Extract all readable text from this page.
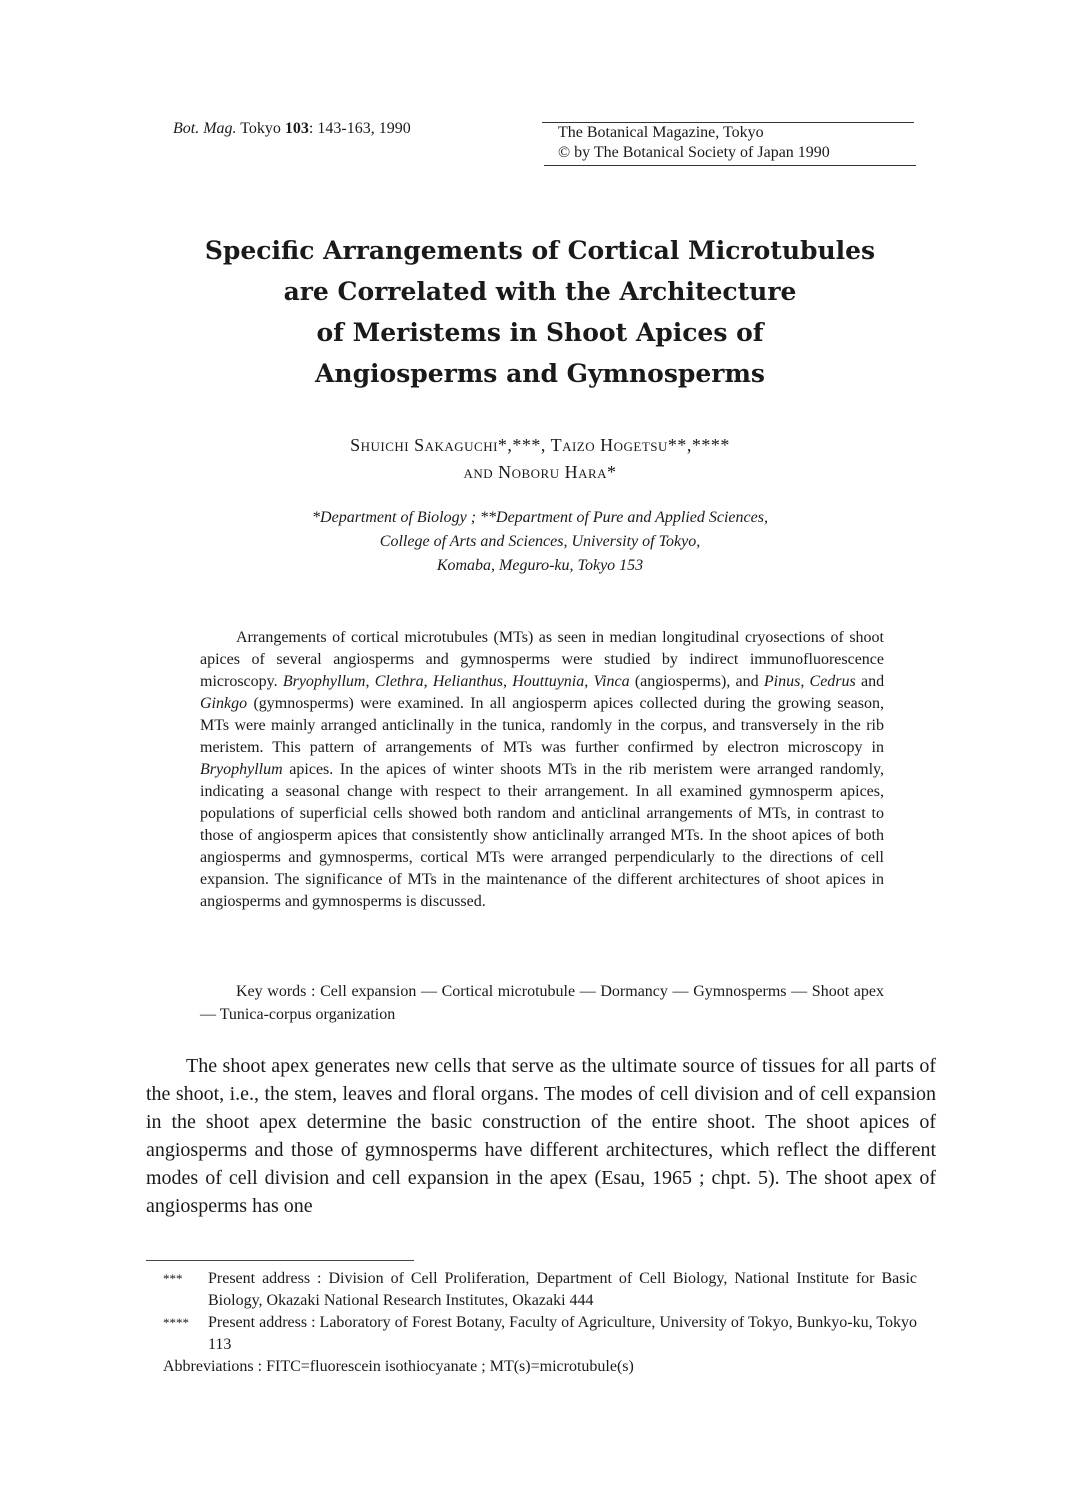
Bot. Mag. Tokyo 103: 143-163, 1990	The Botanical Magazine, Tokyo
© by The Botanical Society of Japan 1990
Specific Arrangements of Cortical Microtubules
are Correlated with the Architecture
of Meristems in Shoot Apices of
Angiosperms and Gymnosperms
Shuichi Sakaguchi*,***, Taizo Hogetsu**,****
and Noboru Hara*
*Department of Biology ; **Department of Pure and Applied Sciences,
College of Arts and Sciences, University of Tokyo,
Komaba, Meguro-ku, Tokyo 153
Arrangements of cortical microtubules (MTs) as seen in median longitudinal cryosections of shoot apices of several angiosperms and gymnosperms were studied by indirect immunofluorescence microscopy. Bryophyllum, Clethra, Helianthus, Houttuynia, Vinca (angiosperms), and Pinus, Cedrus and Ginkgo (gymnosperms) were examined. In all angiosperm apices collected during the growing season, MTs were mainly arranged anticlinally in the tunica, randomly in the corpus, and transversely in the rib meristem. This pattern of arrangements of MTs was further confirmed by electron microscopy in Bryophyllum apices. In the apices of winter shoots MTs in the rib meristem were arranged randomly, indicating a seasonal change with respect to their arrangement. In all examined gymnosperm apices, populations of superficial cells showed both random and anticlinal arrangements of MTs, in contrast to those of angiosperm apices that consistently show anticlinally arranged MTs. In the shoot apices of both angiosperms and gymnosperms, cortical MTs were arranged perpendicularly to the directions of cell expansion. The significance of MTs in the maintenance of the different architectures of shoot apices in angiosperms and gymnosperms is discussed.
Key words : Cell expansion — Cortical microtubule — Dormancy — Gymnosperms — Shoot apex — Tunica-corpus organization
The shoot apex generates new cells that serve as the ultimate source of tissues for all parts of the shoot, i.e., the stem, leaves and floral organs. The modes of cell division and of cell expansion in the shoot apex determine the basic construction of the entire shoot. The shoot apices of angiosperms and those of gymnosperms have different architectures, which reflect the different modes of cell division and cell expansion in the apex (Esau, 1965 ; chpt. 5). The shoot apex of angiosperms has one
*** Present address : Division of Cell Proliferation, Department of Cell Biology, National Institute for Basic Biology, Okazaki National Research Institutes, Okazaki 444
**** Present address : Laboratory of Forest Botany, Faculty of Agriculture, University of Tokyo, Bunkyo-ku, Tokyo 113
Abbreviations : FITC=fluorescein isothiocyanate ; MT(s)=microtubule(s)
